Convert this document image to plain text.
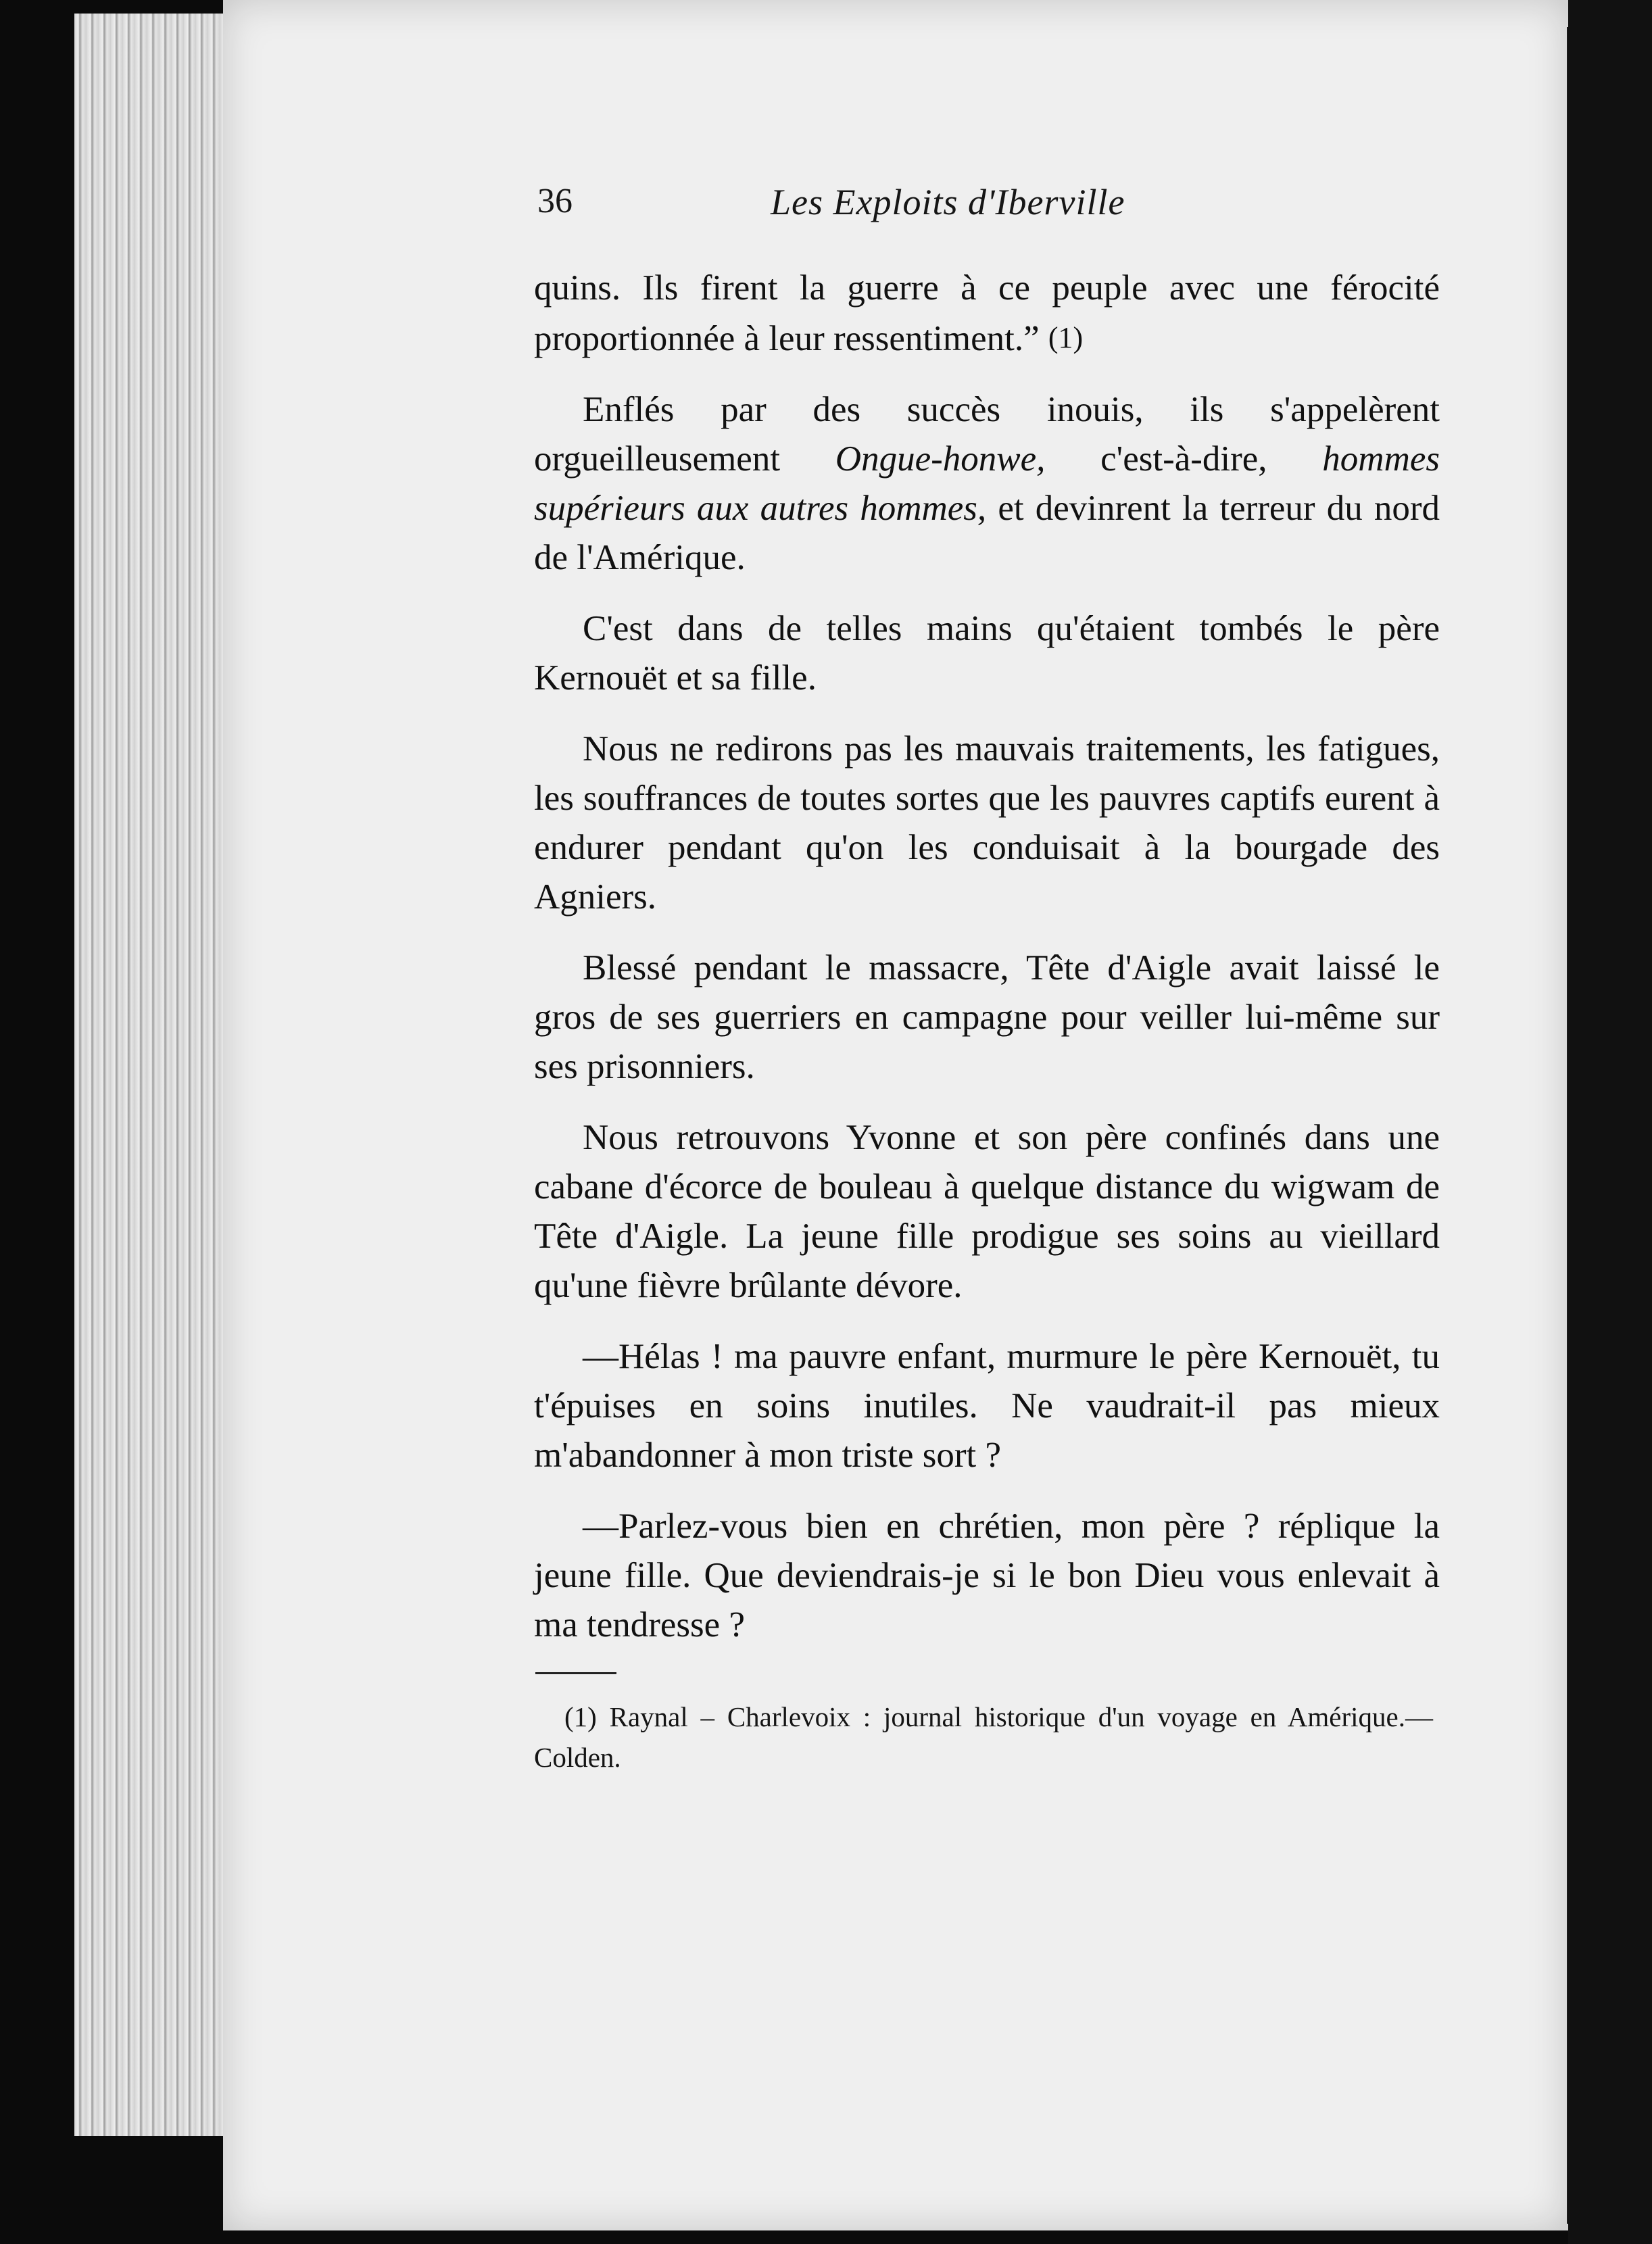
36	Les Exploits d'Iberville

quins. Ils firent la guerre à ce peuple avec une férocité proportionnée à leur ressentiment.” (1)

Enflés par des succès inouis, ils s'appelèrent orgueilleusement Ongue-honwe, c'est-à-dire, hommes supérieurs aux autres hommes, et devinrent la terreur du nord de l'Amérique.

C'est dans de telles mains qu'étaient tombés le père Kernouët et sa fille.

Nous ne redirons pas les mauvais traitements, les fatigues, les souffrances de toutes sortes que les pauvres captifs eurent à endurer pendant qu'on les conduisait à la bourgade des Agniers.

Blessé pendant le massacre, Tête d'Aigle avait laissé le gros de ses guerriers en campagne pour veiller lui-même sur ses prisonniers.

Nous retrouvons Yvonne et son père confinés dans une cabane d'écorce de bouleau à quelque distance du wigwam de Tête d'Aigle. La jeune fille prodigue ses soins au vieillard qu'une fièvre brûlante dévore.

—Hélas ! ma pauvre enfant, murmure le père Kernouët, tu t'épuises en soins inutiles. Ne vaudrait-il pas mieux m'abandonner à mon triste sort ?

—Parlez-vous bien en chrétien, mon père ? réplique la jeune fille. Que deviendrais-je si le bon Dieu vous enlevait à ma tendresse ?

(1) Raynal – Charlevoix : journal historique d'un voyage en Amérique.—Colden.
